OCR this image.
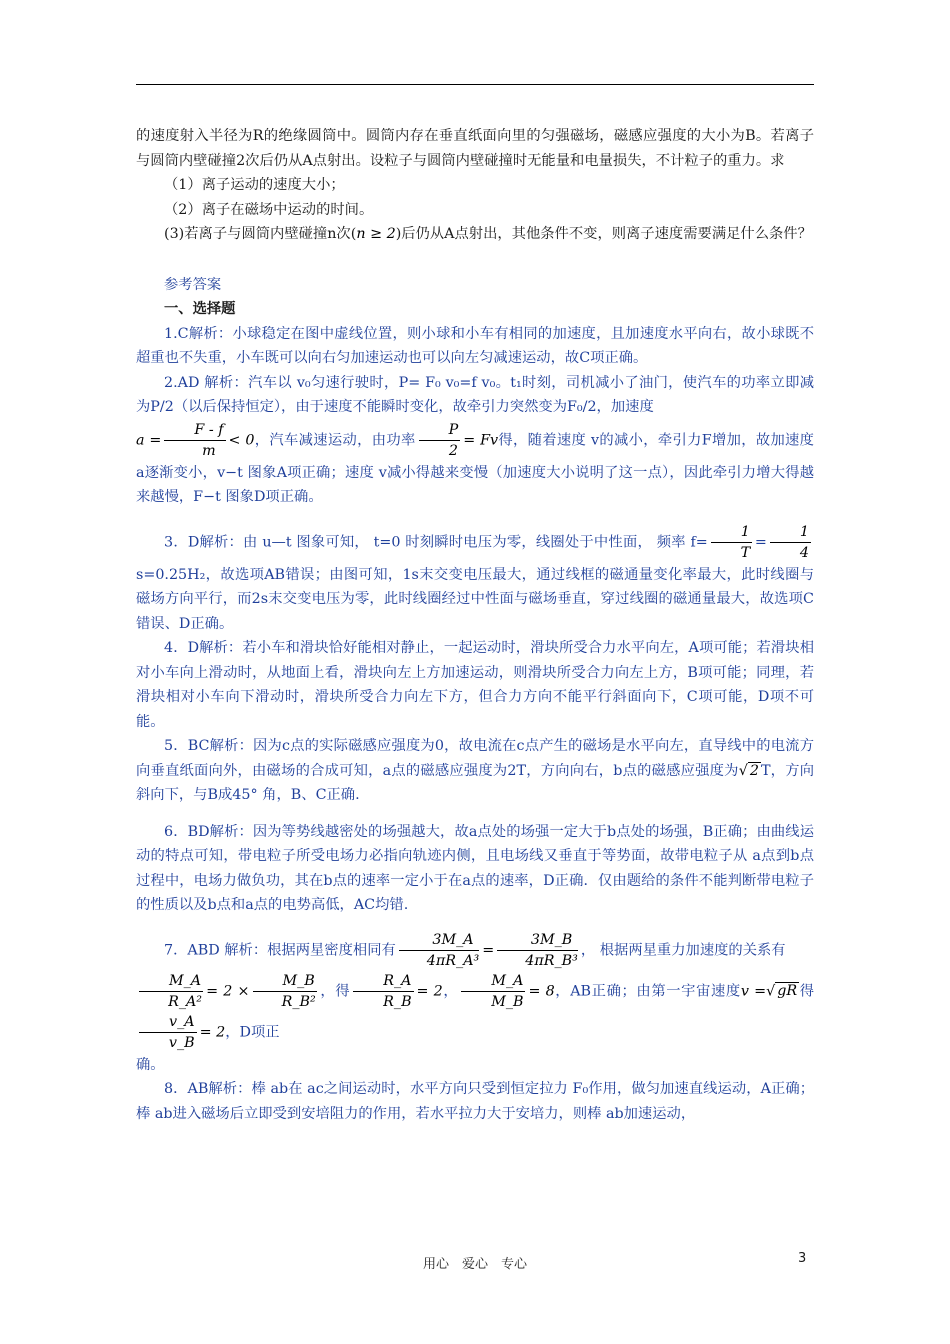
的速度射入半径为R的绝缘圆筒中。圆筒内存在垂直纸面向里的匀强磁场，磁感应强度的大小为B。若离子与圆筒内壁碰撞2次后仍从A点射出。设粒子与圆筒内壁碰撞时无能量和电量损失，不计粒子的重力。求

（1）离子运动的速度大小；

（2）离子在磁场中运动的时间。

(3)若离子与圆筒内壁碰撞n次(n ≥ 2)后仍从A点射出，其他条件不变，则离子速度需要满足什么条件？

参考答案

一、选择题

1.C解析：小球稳定在图中虚线位置，则小球和小车有相同的加速度，且加速度水平向右，故小球既不超重也不失重，小车既可以向右匀加速运动也可以向左匀减速运动，故C项正确。

2.AD 解析：汽车以 v₀匀速行驶时，P= F₀ v₀=f v₀。t₁时刻，司机减小了油门，使汽车的功率立即减为P/2（以后保持恒定），由于速度不能瞬时变化，故牵引力突然变为F₀/2，加速度
$a = \frac{F - f}{m} < 0$，汽车减速运动，由功率 $\frac{P}{2} = Fv$得，随着速度 v的减小，牵引力F增加，故加速度 a逐渐变小，v−t 图象A项正确；速度 v减小得越来变慢（加速度大小说明了这一点），因此牵引力增大得越来越慢，F−t 图象D项正确。

3．D解析：由 u—t 图象可知， t=0 时刻瞬时电压为零，线圈处于中性面， 频率 $f= \frac{1}{T} = \frac{1}{4}$
s=0.25H₂，故选项AB错误；由图可知，1s末交变电压最大，通过线框的磁通量变化率最大，此时线圈与磁场方向平行，而2s末交变电压为零，此时线圈经过中性面与磁场垂直，穿过线圈的磁通量最大，故选项C错误、D正确。

4．D解析：若小车和滑块恰好能相对静止，一起运动时，滑块所受合力水平向左，A项可能；若滑块相对小车向上滑动时，从地面上看，滑块向左上方加速运动，则滑块所受合力向左上方，B项可能；同理，若滑块相对小车向下滑动时，滑块所受合力向左下方，但合力方向不能平行斜面向下，C项可能，D项不可能。

5．BC解析：因为c点的实际磁感应强度为0，故电流在c点产生的磁场是水平向左，直导线中的电流方向垂直纸面向外，由磁场的合成可知，a点的磁感应强度为2T，方向向右，b点的磁感应强度为√ 2 T，方向斜向下，与B成45° 角，B、C正确.

6．BD解析：因为等势线越密处的场强越大，故a点处的场强一定大于b点处的场强，B正确；由曲线运动的特点可知，带电粒子所受电场力必指向轨迹内侧，且电场线又垂直于等势面，故带电粒子从 a点到b点过程中，电场力做负功，其在b点的速率一定小于在a点的速率，D正确．仅由题给的条件不能判断带电粒子的性质以及b点和a点的电势高低，AC均错.

7．ABD 解析：根据两星密度相同有 $\frac{3M\_A}{\text{4πR\_A³}} = \frac{3M\_B}{\text{4πR\_B³}}$ ， 根据两星重力加速度的关系有

$\frac{M\_A}{\text{R\_A²}} = 2 \times \frac{M\_B}{\text{R\_B²}}$ ，得 $\frac{R\_A}{R\_B} = 2$， $\frac{M\_A}{M\_B} = 8$，AB正确；由第一宇宙速度v =√ gR 得
$\frac{v\_A}{v\_B} = 2$，D项正
确。

8．AB解析：棒 ab在 ac之间运动时，水平方向只受到恒定拉力 F₀作用，做匀加速直线运动，A正确；棒 ab进入磁场后立即受到安培阻力的作用，若水平拉力大于安培力，则棒 ab加速运动，

用心　爱心　专心	3
